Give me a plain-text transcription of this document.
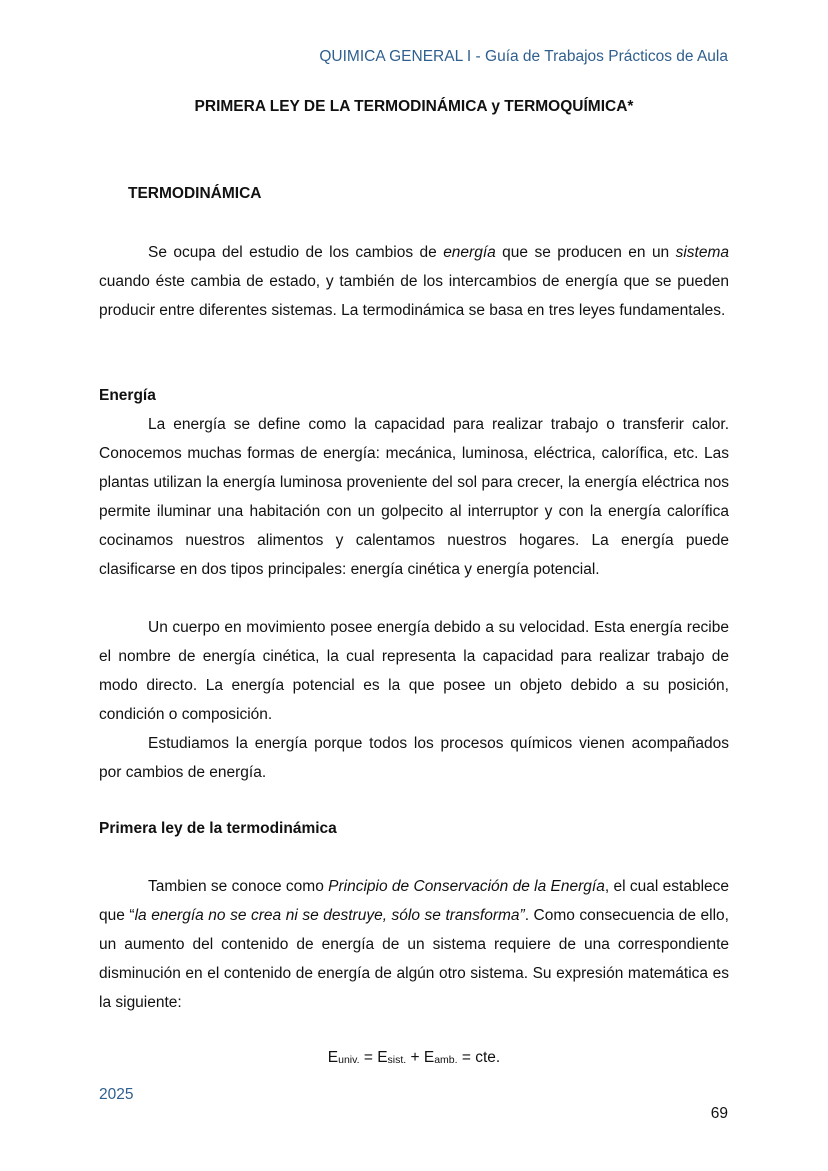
QUIMICA GENERAL I - Guía de Trabajos Prácticos de Aula
PRIMERA LEY DE LA TERMODINÁMICA y TERMOQUÍMICA*
TERMODINÁMICA

Se ocupa del estudio de los cambios de energía que se producen en un sistema cuando éste cambia de estado, y también de los intercambios de energía que se pueden producir entre diferentes sistemas. La termodinámica se basa en tres leyes fundamentales.

Energía

La energía se define como la capacidad para realizar trabajo o transferir calor. Conocemos muchas formas de energía: mecánica, luminosa, eléctrica, calorífica, etc. Las plantas utilizan la energía luminosa proveniente del sol para crecer, la energía eléctrica nos permite iluminar una habitación con un golpecito al interruptor y con la energía calorífica cocinamos nuestros alimentos y calentamos nuestros hogares. La energía puede clasificarse en dos tipos principales: energía cinética y energía potencial.

Un cuerpo en movimiento posee energía debido a su velocidad. Esta energía recibe el nombre de energía cinética, la cual representa la capacidad para realizar trabajo de modo directo. La energía potencial es la que posee un objeto debido a su posición, condición o composición.

Estudiamos la energía porque todos los procesos químicos vienen acompañados por cambios de energía.

Primera ley de la termodinámica

Tambien se conoce como Principio de Conservación de la Energía, el cual establece que “la energía no se crea ni se destruye, sólo se transforma”. Como consecuencia de ello, un aumento del contenido de energía de un sistema requiere de una correspondiente disminución en el contenido de energía de algún otro sistema. Su expresión matemática es la siguiente:

$E_{univ.} = E_{sist.} + E_{amb.}$ = cte.
2025
69
